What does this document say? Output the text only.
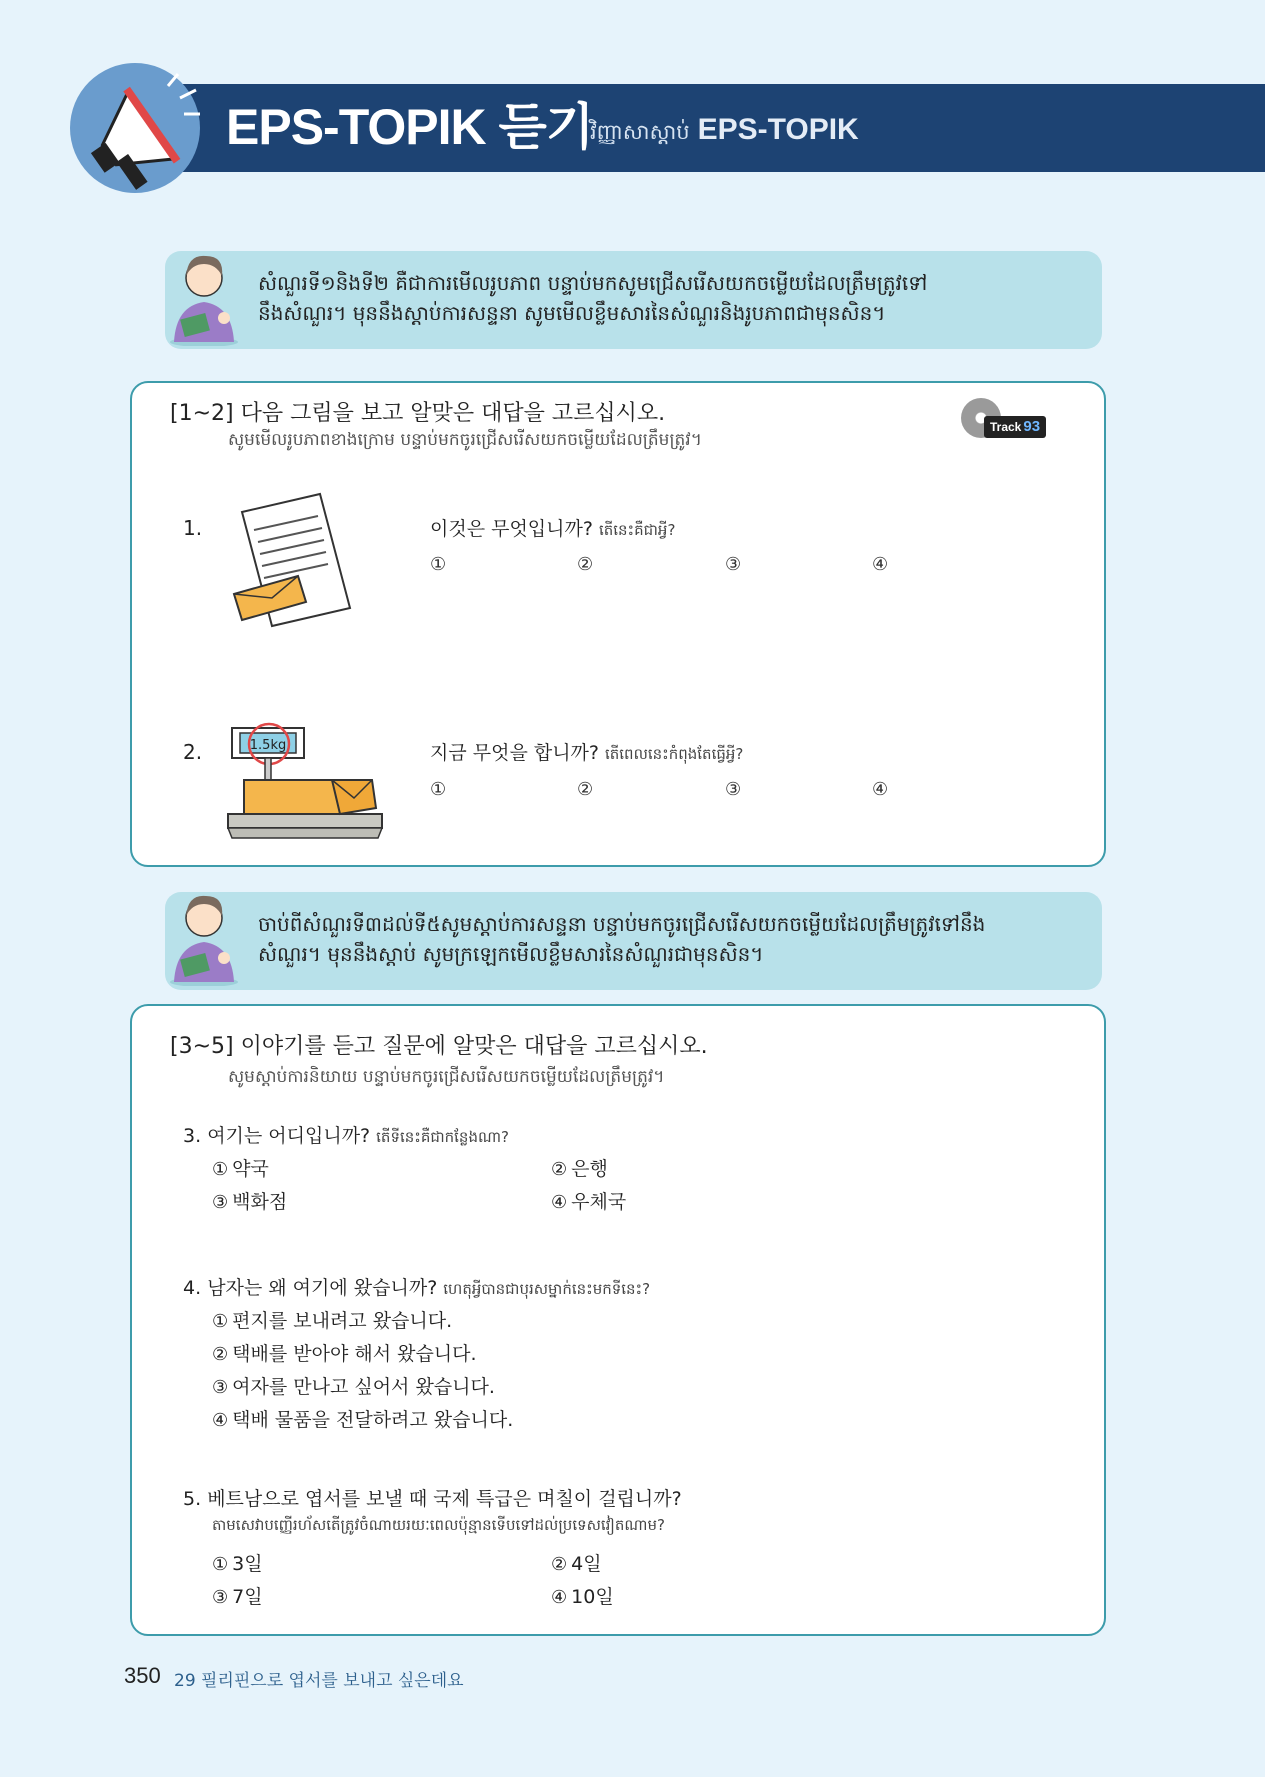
EPS-TOPIK 듣기
វិញ្ញាសាស្ដាប់ EPS-TOPIK
សំណួរទី១និងទី២ គឺជាការមើលរូបភាព បន្ទាប់មកសូមជ្រើសរើសយកចម្លើយដែលត្រឹមត្រូវទៅ
នឹងសំណួរ។ មុននឹងស្ដាប់ការសន្ទនា សូមមើលខ្លឹមសារនៃសំណួរនិងរូបភាពជាមុនសិន។
[1~2] 다음 그림을 보고 알맞은 대답을 고르십시오.
សូមមើលរូបភាពខាងក្រោម បន្ទាប់មកចូរជ្រើសរើសយកចម្លើយដែលត្រឹមត្រូវ។
Track 93
1.	이것은 무엇입니까? តើនេះគឺជាអ្វី?
①	②	③	④
2.	1.5kg	지금 무엇을 합니까? តើពេលនេះកំពុងតែធ្វើអ្វី?
①	②	③	④
ចាប់ពីសំណួរទី៣ដល់ទី៥សូមស្ដាប់ការសន្ទនា បន្ទាប់មកចូរជ្រើសរើសយកចម្លើយដែលត្រឹមត្រូវទៅនឹង
សំណួរ។ មុននឹងស្ដាប់ សូមក្រឡេកមើលខ្លឹមសារនៃសំណួរជាមុនសិន។
[3~5] 이야기를 듣고 질문에 알맞은 대답을 고르십시오.
សូមស្ដាប់ការនិយាយ បន្ទាប់មកចូរជ្រើសរើសយកចម្លើយដែលត្រឹមត្រូវ។
3. 여기는 어디입니까? តើទីនេះគឺជាកន្លែងណា?
① 약국	② 은행
③ 백화점	④ 우체국
4. 남자는 왜 여기에 왔습니까? ហេតុអ្វីបានជាបុរសម្នាក់នេះមកទីនេះ?
① 편지를 보내려고 왔습니다.
② 택배를 받아야 해서 왔습니다.
③ 여자를 만나고 싶어서 왔습니다.
④ 택배 물품을 전달하려고 왔습니다.
5. 베트남으로 엽서를 보낼 때 국제 특급은 며칠이 걸립니까?
តាមសេវាបញ្ញើរហ័សតើត្រូវចំណាយរយៈពេលប៉ុន្មានទើបទៅដល់ប្រទេសវៀតណាម?
① 3일	② 4일
③ 7일	④ 10일
350 29 필리핀으로 엽서를 보내고 싶은데요
